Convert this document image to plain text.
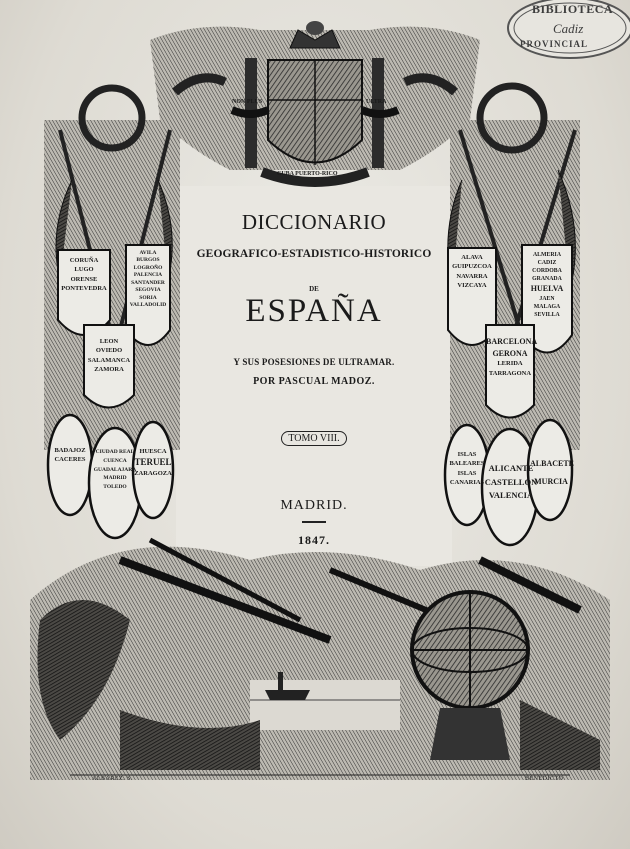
BIBLIOTECA
Cadiz
PROVINCIAL
NON PLUS	ULTRA
CUBA PUERTO-RICO
CORUÑA
LUGO
ORENSE
PONTEVEDRA
AVILA
BURGOS
LOGROÑO
PALENCIA
SANTANDER
SEGOVIA
SORIA
VALLADOLID
LEON
OVIEDO
SALAMANCA
ZAMORA
BADAJOZ
CACERES
CIUDAD REAL
CUENCA
GUADALAJARA
MADRID
TOLEDO
HUESCA
TERUEL
ZARAGOZA
ALAVA
GUIPUZCOA
NAVARRA
VIZCAYA
ALMERIA
CADIZ
CORDOBA
GRANADA
HUELVA
JAEN
MALAGA
SEVILLA
BARCELONA
GERONA
LERIDA
TARRAGONA
ISLAS
BALEARES
ISLAS
CANARIAS
ALICANTE
CASTELLON
VALENCIA
ALBACETE
MURCIA

DICCIONARIO

GEOGRAFICO-ESTADISTICO-HISTORICO

DE

ESPAÑA

Y SUS POSESIONES DE ULTRAMAR.

POR PASCUAL MADOZ.

TOMO VIII.

MADRID.

1847.

ALBAREZ. S.	BENEDICTO
